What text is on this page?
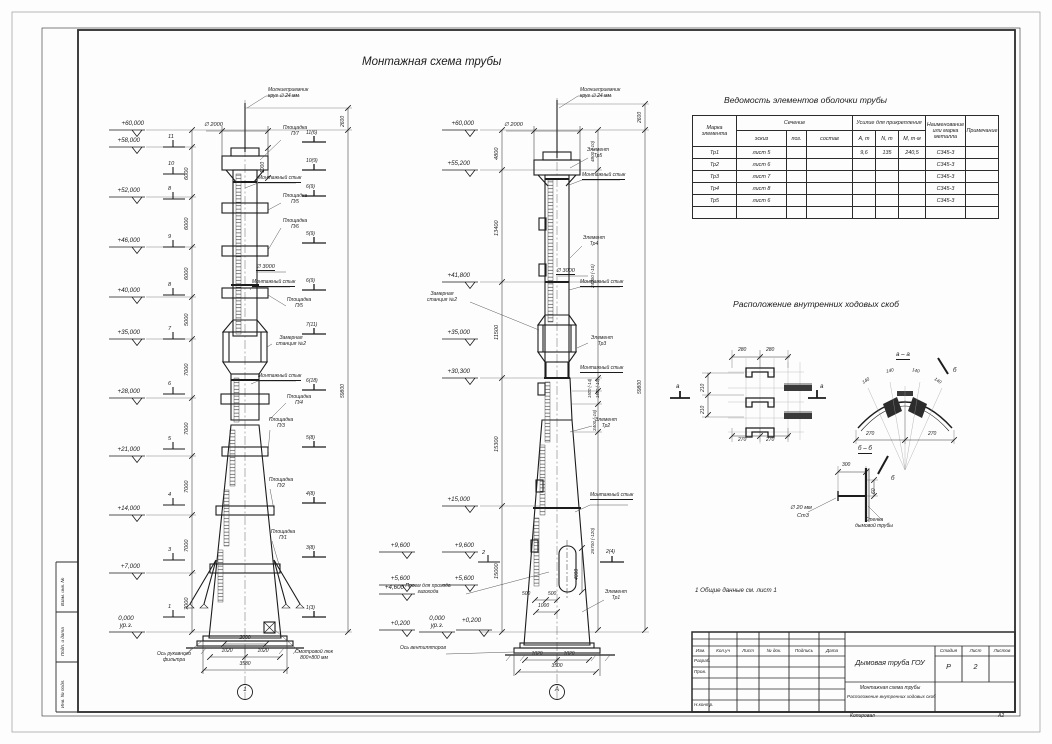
Монтажная схема трубы
+60,000
+58,000
+52,000
+46,000
+40,000
+35,000
+28,000
+21,000
+14,000
+7,000
0,000
ур.з.
11
10
8
9
8
7
6
5
4
3
1
6000
6000
6000
5000
7000
7000
7000
7000
7000
11(6)
10(9)
6(9)
5(9)
6(9)
7(11)
6(18)
5(8)
4(8)
3(8)
1(3)
2600
59800
1000
Молниеприемник
круг ∅ 24 мм
∅ 2000
∅ 3000
Площадка
П/7
Монтажный стык
Площадка
П/5
Площадка
П/6
Монтажный стык
Площадка
П/5
Замерная
станция №2
Монтажный стык
Площадка
П/4
Площадка
П/3
Площадка
П/2
Площадка
П/1
Ось рукавного
фильтра
Смотровой люк
800×800 мм
2000
1020	1020
3580
1
+60,000
+55,200
+41,800
+35,000
+30,300
+15,000
+9,600
+5,600
0,000
ур.з.
+0,200
+9,600
+5,600
+4,600
+0,200
4800
13400
11500
15300
15000
4800 (-10)
24900 (-10)
1500 (-14) 1500 (-10)
3400 (-16)
26700 (-120)
2600
59800
Молниеприемник
круг ∅ 24 мм
∅ 2000
∅ 3000
Элемент
Тр5
Монтажный стык
Элемент
Тр4
Монтажный стык
Замерная
станция №2
Элемент
Тр3
Монтажный стык
Элемент
Тр2
Монтажный стык
Проем для прохода
газохода	Элемент
Тр1
Ось вентиляторов
4000
500	500
1000
2	2(4)
1020	1020
3500
А
Ведомость элементов оболочки трубы
Марка элемента	Сечение			Усилие для прикрепления			Наименование или марка металла	Примечание
	эскиз	поз.	состав	А, т	N, т	М, т·м		
Тр1	лист 5			9,6	135	240,5	С345-3	
Тр2	лист 6						С345-3	
Тр3	лист 7						С345-3	
Тр4	лист 8						С345-3	
Тр5	лист 6						С345-3	

Расположение внутренних ходовых скоб
280	280
210
210
270	270
а	а
а – а
140
140	140
140
270	270
б
б – б
300
60
∅ 20 мм
Ст3
Стенка
дымовой трубы
б
1 Общие данные см. лист 1
Изм.	Кол.уч	Лист	№ док.	Подпись	Дата
Разраб.
Пров.
Н.контр.
Дымовая труба ГОУ
Стадия	Лист	Листов
Р	2
Монтажная схема трубы
Расположение внутренних ходовых скоб
Копировал	А2
Взам. инв. №
Подп. и дата
Инв. № подл.
